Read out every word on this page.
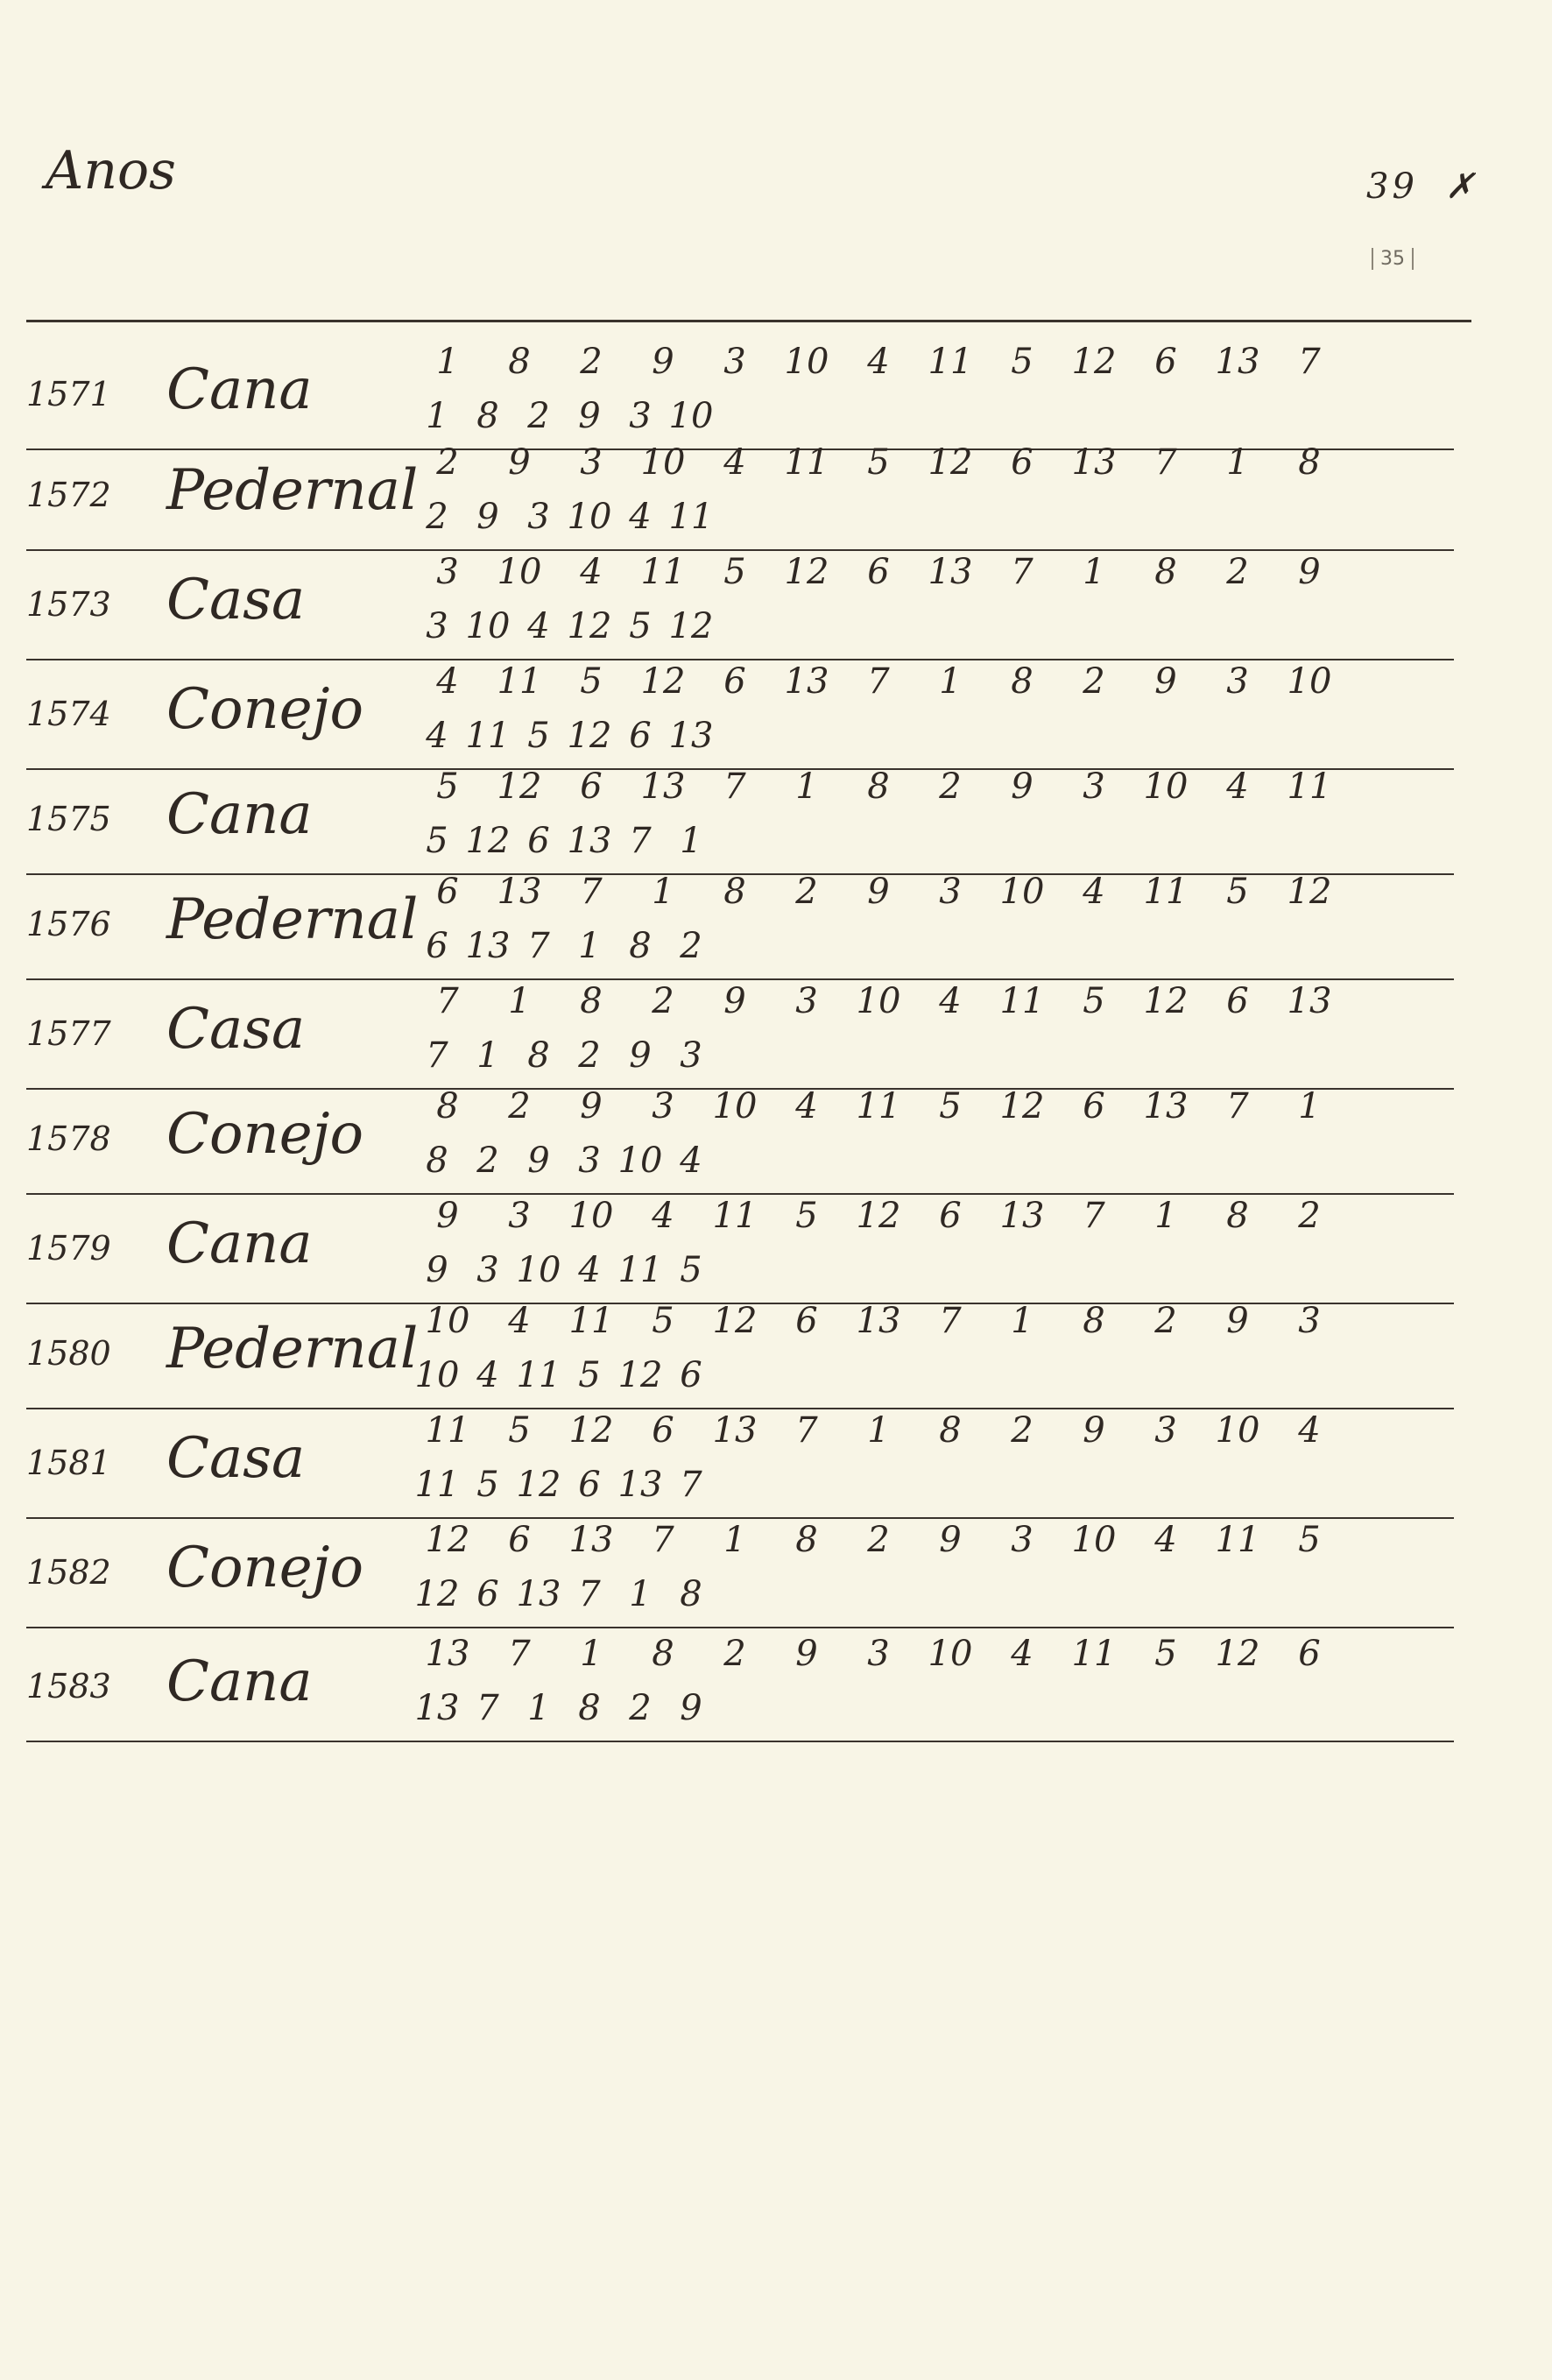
Anos	39 ✗
35
1571 Cana	1	8	2	9	3	10	4	11	5	12	6	13	7
1 8 2 9 3 10
1572 Pedernal 2	9	3	10	4	11	5	12	6	13	7	1	8
2 9 3 10 4 11
1573 Casa	3	10	4	11	5	12	6	13	7	1	8	2	9
3 10 4 12 5 12
1574 Conejo	4	11	5	12	6	13	7	1	8	2	9	3	10
4 11 5 12 6 13
1575 Cana	5	12	6	13	7	1	8	2	9	3	10	4	11
5 12 6 13 7 1
1576 Pedernal 6	13	7	1	8	2	9	3	10	4	11	5	12
6 13 7 1 8 2
1577 Casa	7	1	8	2	9	3	10	4	11	5	12	6	13
7 1 8 2 9 3
1578 Conejo	8	2	9	3	10	4	11	5	12	6	13	7	1
8 2 9 3 10 4
1579 Cana	9	3	10	4	11	5	12	6	13	7	1	8	2
9 3 10 4 11 5
1580 Pedernal 10	4	11	5	12	6	13	7	1	8	2	9	3
10 4 11 5 12 6
1581 Casa	11	5	12	6	13	7	1	8	2	9	3	10	4
11 5 12 6 13 7
1582 Conejo	12	6	13	7	1	8	2	9	3	10	4	11	5
12 6 13 7 1 8
1583 Cana	13	7	1	8	2	9	3	10	4	11	5	12	6
13 7 1 8 2 9
